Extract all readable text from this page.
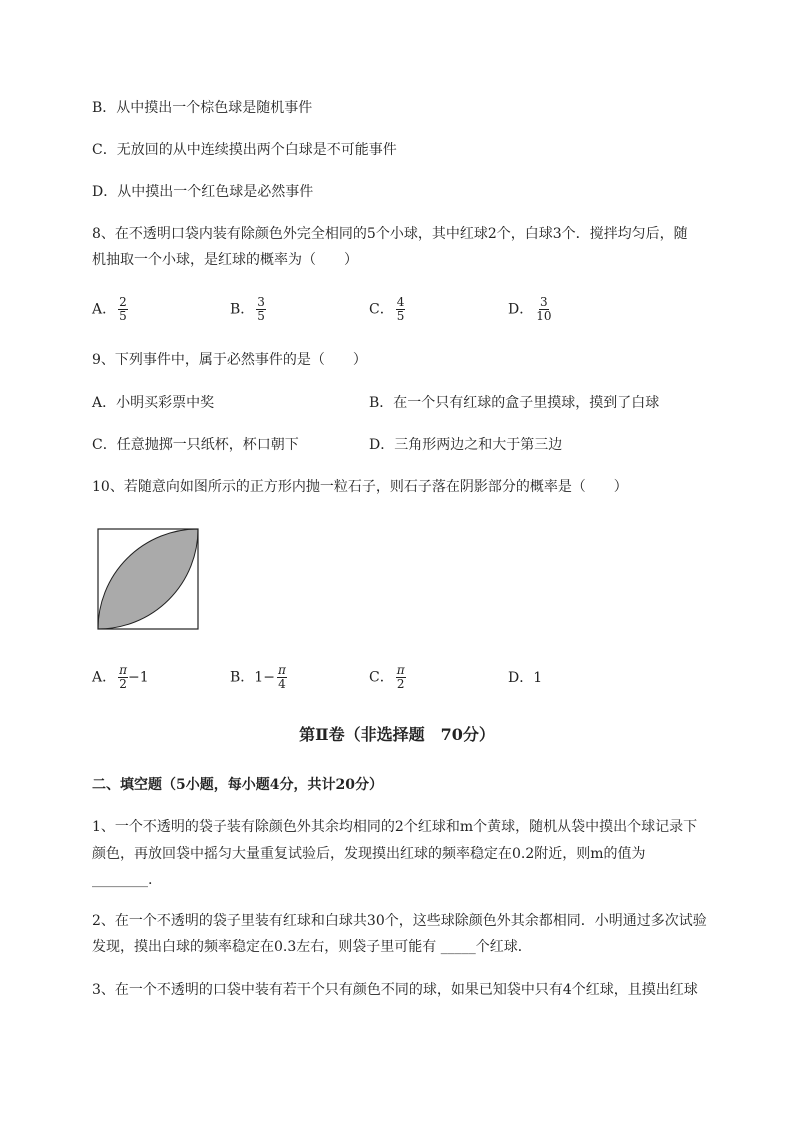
B．从中摸出一个棕色球是随机事件
C．无放回的从中连续摸出两个白球是不可能事件
D．从中摸出一个红色球是必然事件
8、在不透明口袋内装有除颜色外完全相同的5个小球，其中红球2个，白球3个．搅拌均匀后，随
机抽取一个小球，是红球的概率为（　　）
A． $\frac{2}{5}$	B． $\frac{3}{5}$	C． $\frac{4}{5}$	D． $\frac{3}{10}$
9、下列事件中，属于必然事件的是（　　）
A．小明买彩票中奖	B．在一个只有红球的盒子里摸球，摸到了白球
C．任意抛掷一只纸杯，杯口朝下	D．三角形两边之和大于第三边
10、若随意向如图所示的正方形内抛一粒石子，则石子落在阴影部分的概率是（　　）
A． $\frac{\pi}{2} -1$	B．$1- \frac{\pi}{4}$	C． $\frac{\pi}{2}$	D．1
第Ⅱ卷（非选择题　70分）
二、填空题（5小题，每小题4分，共计20分）
1、一个不透明的袋子装有除颜色外其余均相同的2个红球和m个黄球，随机从袋中摸出个球记录下
颜色，再放回袋中摇匀大量重复试验后，发现摸出红球的频率稳定在0.2附近，则m的值为
________.
2、在一个不透明的袋子里装有红球和白球共30个，这些球除颜色外其余都相同．小明通过多次试验
发现，摸出白球的频率稳定在0.3左右，则袋子里可能有 _____个红球．
3、在一个不透明的口袋中装有若干个只有颜色不同的球，如果已知袋中只有4个红球，且摸出红球
